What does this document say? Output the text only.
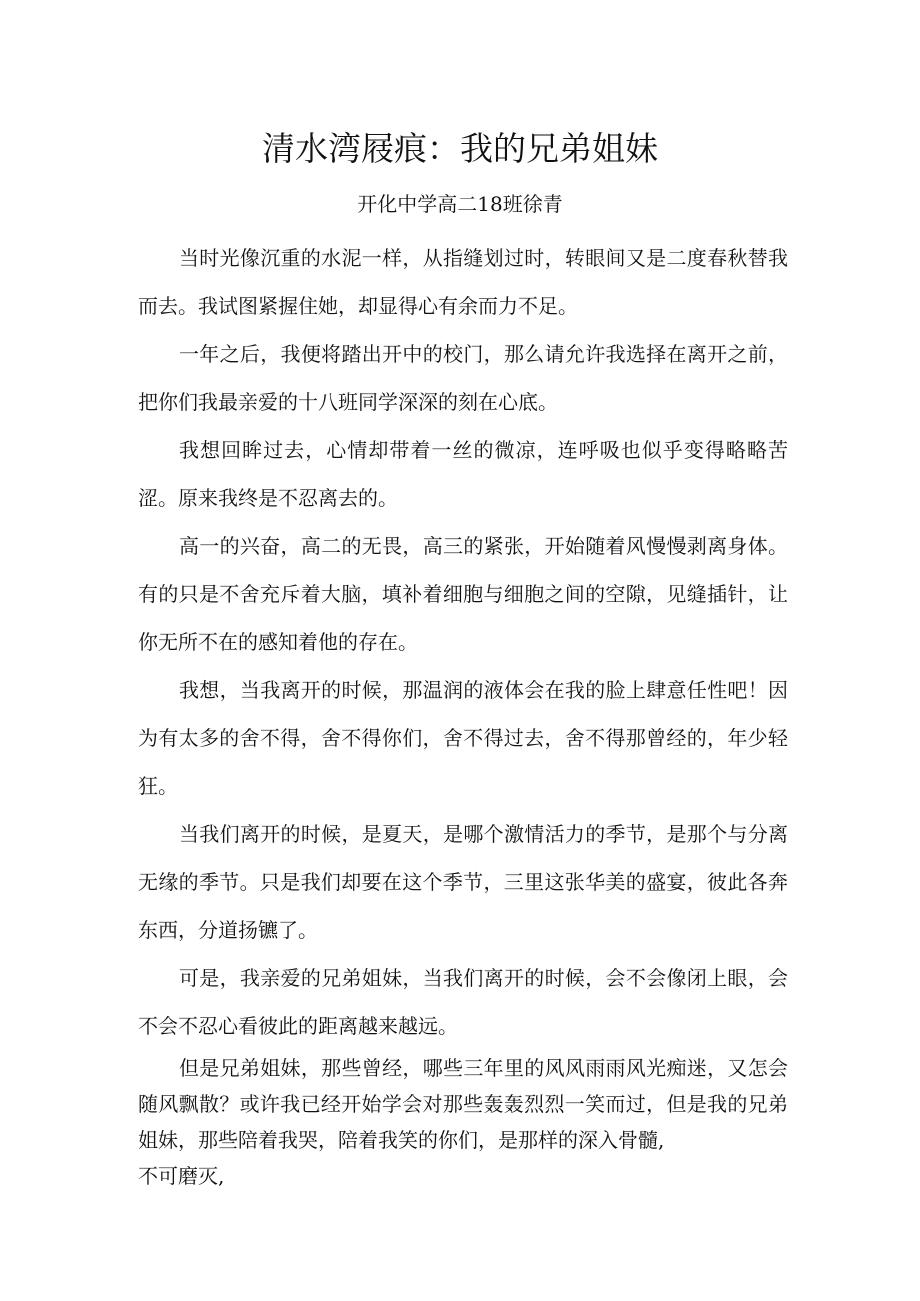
清水湾屐痕：我的兄弟姐妹

开化中学高二18班徐青

当时光像沉重的水泥一样，从指缝划过时，转眼间又是二度春秋替我而去。我试图紧握住她，却显得心有余而力不足。

一年之后，我便将踏出开中的校门，那么请允许我选择在离开之前，把你们我最亲爱的十八班同学深深的刻在心底。

我想回眸过去，心情却带着一丝的微凉，连呼吸也似乎变得略略苦涩。原来我终是不忍离去的。

高一的兴奋，高二的无畏，高三的紧张，开始随着风慢慢剥离身体。有的只是不舍充斥着大脑，填补着细胞与细胞之间的空隙，见缝插针，让你无所不在的感知着他的存在。

我想，当我离开的时候，那温润的液体会在我的脸上肆意任性吧！因为有太多的舍不得，舍不得你们，舍不得过去，舍不得那曾经的，年少轻狂。

当我们离开的时候，是夏天，是哪个激情活力的季节，是那个与分离无缘的季节。只是我们却要在这个季节，三里这张华美的盛宴，彼此各奔东西，分道扬镳了。

可是，我亲爱的兄弟姐妹，当我们离开的时候，会不会像闭上眼，会不会不忍心看彼此的距离越来越远。

但是兄弟姐妹，那些曾经，哪些三年里的风风雨雨风光痴迷，又怎会随风飘散？或许我已经开始学会对那些轰轰烈烈一笑而过，但是我的兄弟姐妹，那些陪着我哭，陪着我笑的你们，是那样的深入骨髓,

不可磨灭,
